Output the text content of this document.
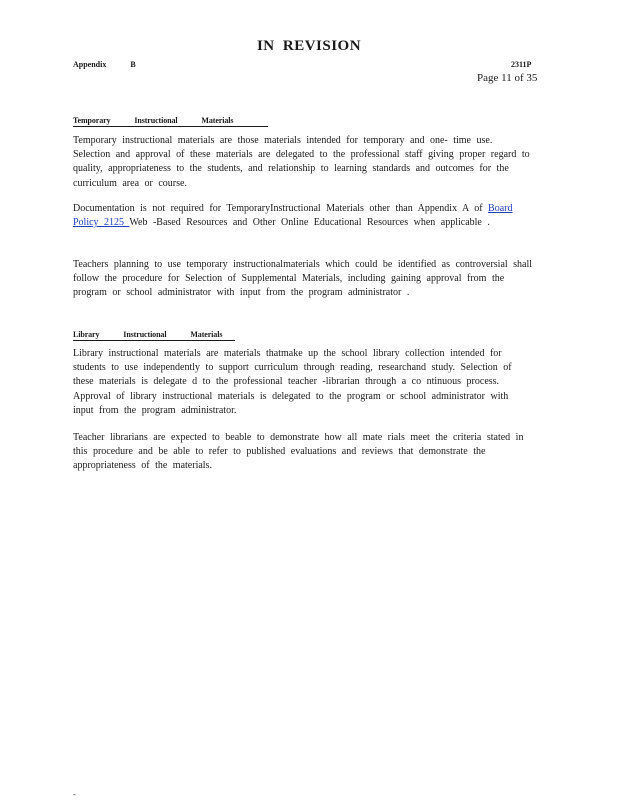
IN REVISION
Appendix	B	2311P
Page 11 of 35
Temporary Instructional Materials

Temporary instructional materials are those materials intended for temporary and one- time use. Selection and approval of these materials are delegated to the professional staff giving proper regard to quality, appropriateness to the students, and relationship to learning standards and outcomes for the curriculum area or course.

Documentation is not required for TemporaryInstructional Materials other than Appendix A of Board Policy 2125 Web -Based Resources and Other Online Educational Resources when applicable .

Teachers planning to use temporary instructionalmaterials which could be identified as controversial shall follow the procedure for Selection of Supplemental Materials, including gaining approval from the program or school administrator with input from the program administrator .

Library Instructional Materials

Library instructional materials are materials thatmake up the school library collection intended for students to use independently to support curriculum through reading, researchand study. Selection of these materials is delegate d to the professional teacher -librarian through a co ntinuous process. Approval of library instructional materials is delegated to the program or school administrator with input from the program administrator.

Teacher librarians are expected to beable to demonstrate how all mate rials meet the criteria stated in this procedure and be able to refer to published evaluations and reviews that demonstrate the appropriateness of the materials.

-
